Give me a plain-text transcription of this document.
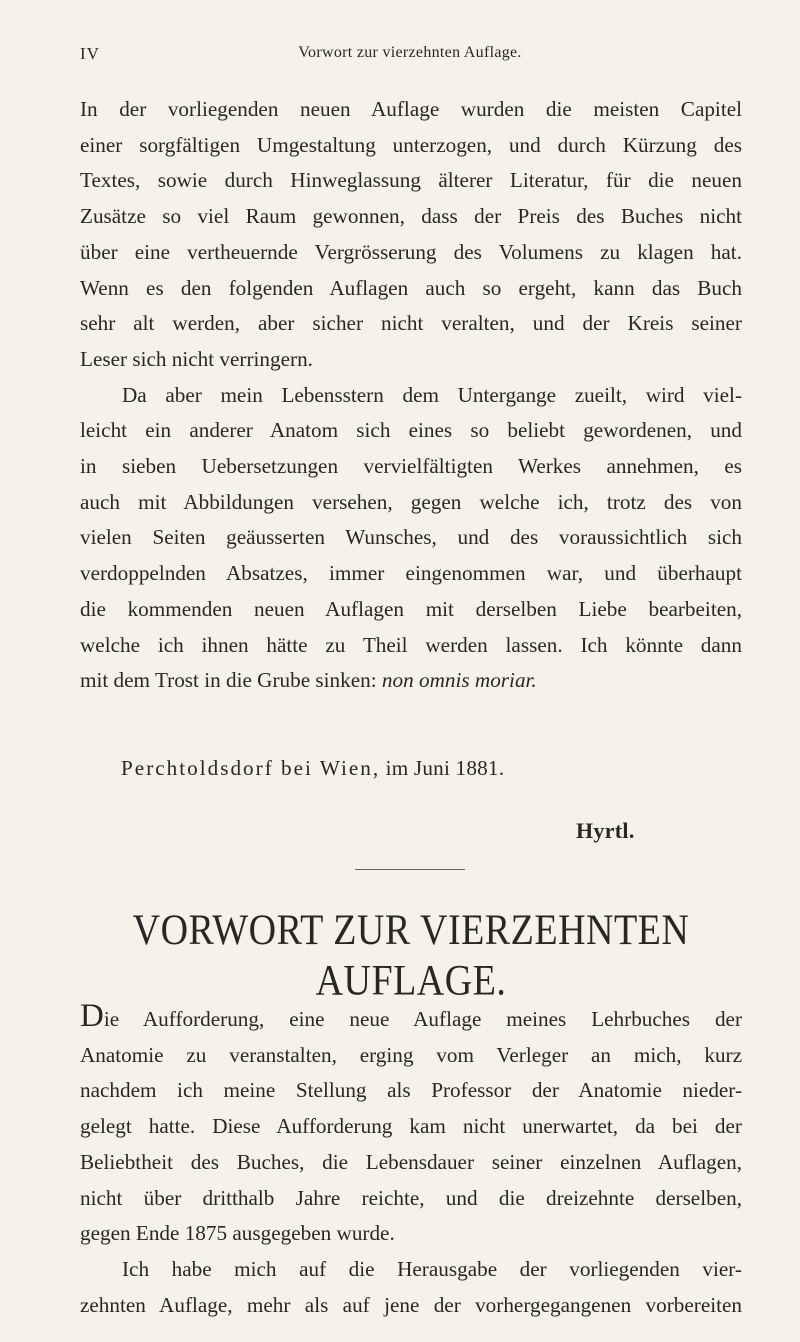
IV	Vorwort zur vierzehnten Auflage.

In der vorliegenden neuen Auflage wurden die meisten Capitel

einer sorgfältigen Umgestaltung unterzogen, und durch Kürzung des

Textes, sowie durch Hinweglassung älterer Literatur, für die neuen

Zusätze so viel Raum gewonnen, dass der Preis des Buches nicht

über eine vertheuernde Vergrösserung des Volumens zu klagen hat.

Wenn es den folgenden Auflagen auch so ergeht, kann das Buch

sehr alt werden, aber sicher nicht veralten, und der Kreis seiner

Leser sich nicht verringern.

Da aber mein Lebensstern dem Untergange zueilt, wird viel-

leicht ein anderer Anatom sich eines so beliebt gewordenen, und

in sieben Uebersetzungen vervielfältigten Werkes annehmen, es

auch mit Abbildungen versehen, gegen welche ich, trotz des von

vielen Seiten geäusserten Wunsches, und des voraussichtlich sich

verdoppelnden Absatzes, immer eingenommen war, und überhaupt

die kommenden neuen Auflagen mit derselben Liebe bearbeiten,

welche ich ihnen hätte zu Theil werden lassen. Ich könnte dann

mit dem Trost in die Grube sinken: non omnis moriar.

Perchtoldsdorf bei Wien, im Juni 1881.
Hyrtl.
VORWORT ZUR VIERZEHNTEN AUFLAGE.

Die Aufforderung, eine neue Auflage meines Lehrbuches der

Anatomie zu veranstalten, erging vom Verleger an mich, kurz

nachdem ich meine Stellung als Professor der Anatomie nieder-

gelegt hatte. Diese Aufforderung kam nicht unerwartet, da bei der

Beliebtheit des Buches, die Lebensdauer seiner einzelnen Auflagen,

nicht über dritthalb Jahre reichte, und die dreizehnte derselben,

gegen Ende 1875 ausgegeben wurde.

Ich habe mich auf die Herausgabe der vorliegenden vier-

zehnten Auflage, mehr als auf jene der vorhergegangenen vorbereiten
